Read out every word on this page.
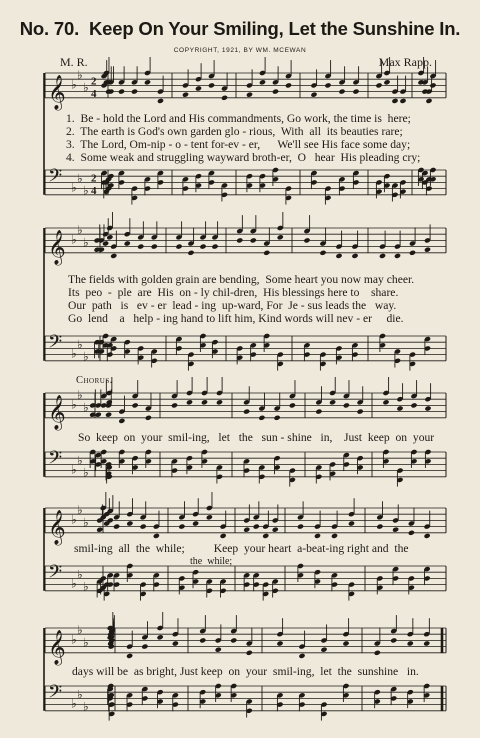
No. 70. Keep On Your Smiling, Let the Sunshine In.
COPYRIGHT, 1921, BY WM. MCEWAN
M. R.	Max Rapp.
𝄞 ♭
♭
♭ 2
4
𝄢 ♭
♭
♭
2
4
𝄞 ♭
♭
♭
𝄢 ♭
♭
♭
𝄞 ♭
♭
♭
𝄢 ♭
♭
♭
𝄞 ♭
♭
♭
𝄢 ♭
♭
♭
𝄞 ♭
♭
♭
𝄢 ♭
♭
♭
1.  Be - hold the Lord and His commandments, Go work, the time is  here;
2.  The earth is God's own garden glo - rious,  With  all  its beauties rare;
3.  The Lord, Om-nip - o - tent for-ev - er,      We'll see His face some day;
4.  Some weak and struggling wayward broth-er,  O   hear  His pleading cry;
The fields with golden grain are bending,  Some heart you now may cheer.
Its  peo  -  ple  are  His  on - ly chil-dren,  His blessings here to    share.
Our  path   is   ev - er  lead - ing  up-ward, For  Je - sus leads the   way.
Go  lend    a   help - ing hand to lift him, Kind words will nev - er     die.
Chorus.
So  keep  on  your  smil-ing,   let   the   sun - shine   in,    Just  keep  on  your
smil-ing  all  the  while;          Keep  your heart  a-beat-ing right and  the
the  while;
days will be  as bright, Just keep  on  your  smil-ing,  let  the  sunshine   in.
